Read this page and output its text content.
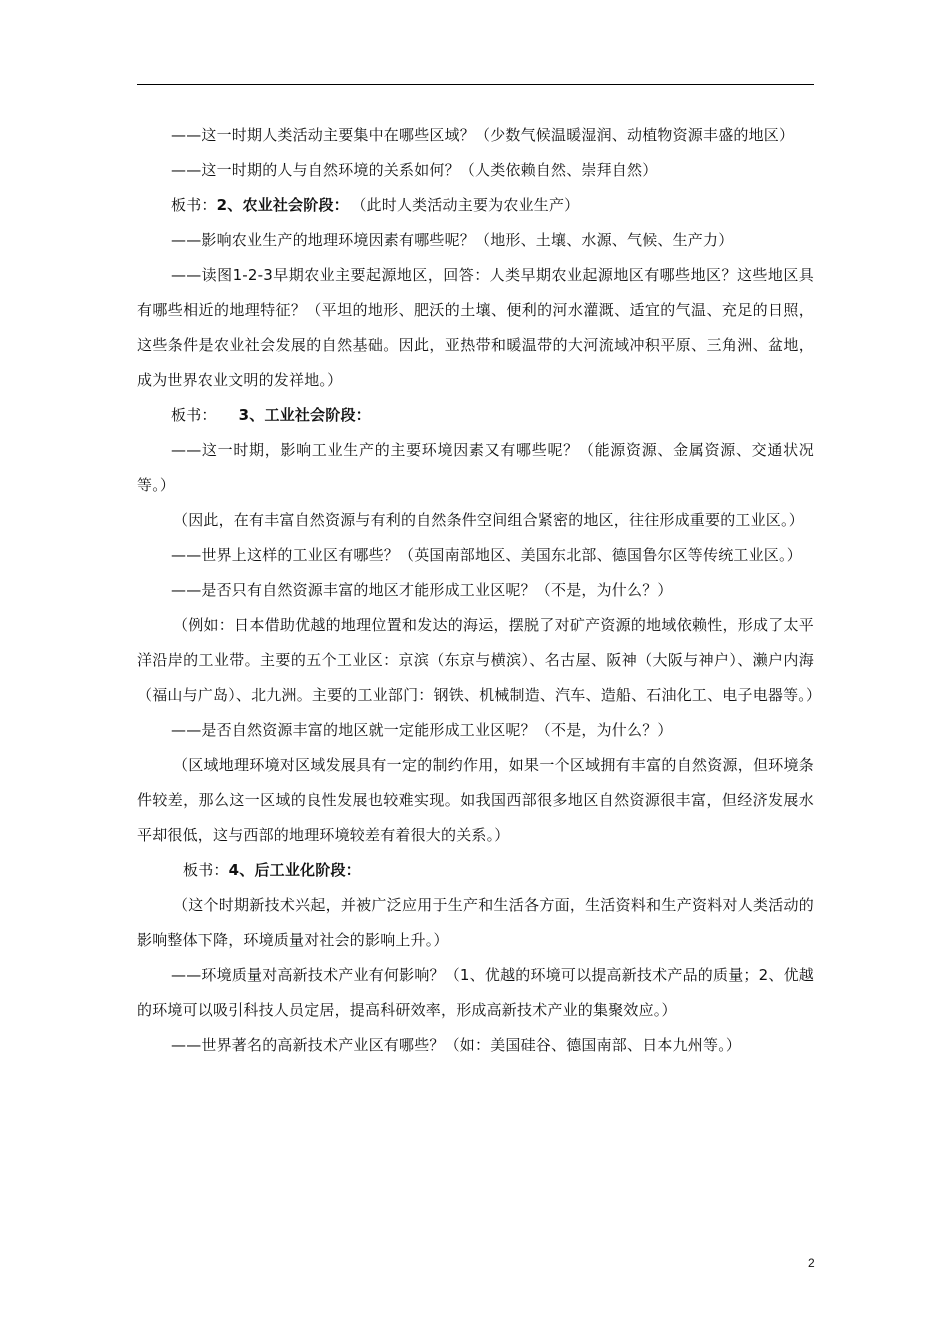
——这一时期人类活动主要集中在哪些区域？（少数气候温暖湿润、动植物资源丰盛的地区）

——这一时期的人与自然环境的关系如何？（人类依赖自然、崇拜自然）

板书：2、农业社会阶段： （此时人类活动主要为农业生产）

——影响农业生产的地理环境因素有哪些呢？（地形、土壤、水源、气候、生产力）

——读图1-2-3早期农业主要起源地区，回答：人类早期农业起源地区有哪些地区？这些地区具有哪些相近的地理特征？（平坦的地形、肥沃的土壤、便利的河水灌溉、适宜的气温、充足的日照，这些条件是农业社会发展的自然基础。因此，亚热带和暖温带的大河流域冲积平原、三角洲、盆地，成为世界农业文明的发祥地。）

板书： 3、工业社会阶段：

——这一时期，影响工业生产的主要环境因素又有哪些呢？（能源资源、金属资源、交通状况等。）

（因此，在有丰富自然资源与有利的自然条件空间组合紧密的地区，往往形成重要的工业区。）

——世界上这样的工业区有哪些？（英国南部地区、美国东北部、德国鲁尔区等传统工业区。）

——是否只有自然资源丰富的地区才能形成工业区呢？（不是，为什么？）

（例如：日本借助优越的地理位置和发达的海运，摆脱了对矿产资源的地域依赖性，形成了太平洋沿岸的工业带。主要的五个工业区：京滨（东京与横滨）、名古屋、阪神（大阪与神户）、濑户内海（福山与广岛）、北九洲。主要的工业部门：钢铁、机械制造、汽车、造船、石油化工、电子电器等。）

——是否自然资源丰富的地区就一定能形成工业区呢？（不是，为什么？）

（区域地理环境对区域发展具有一定的制约作用，如果一个区域拥有丰富的自然资源，但环境条件较差，那么这一区域的良性发展也较难实现。如我国西部很多地区自然资源很丰富，但经济发展水平却很低，这与西部的地理环境较差有着很大的关系。）

板书：4、后工业化阶段：

（这个时期新技术兴起，并被广泛应用于生产和生活各方面，生活资料和生产资料对人类活动的影响整体下降，环境质量对社会的影响上升。）

——环境质量对高新技术产业有何影响？（1、优越的环境可以提高新技术产品的质量；2、优越的环境可以吸引科技人员定居，提高科研效率，形成高新技术产业的集聚效应。）

——世界著名的高新技术产业区有哪些？（如：美国硅谷、德国南部、日本九州等。）

2
